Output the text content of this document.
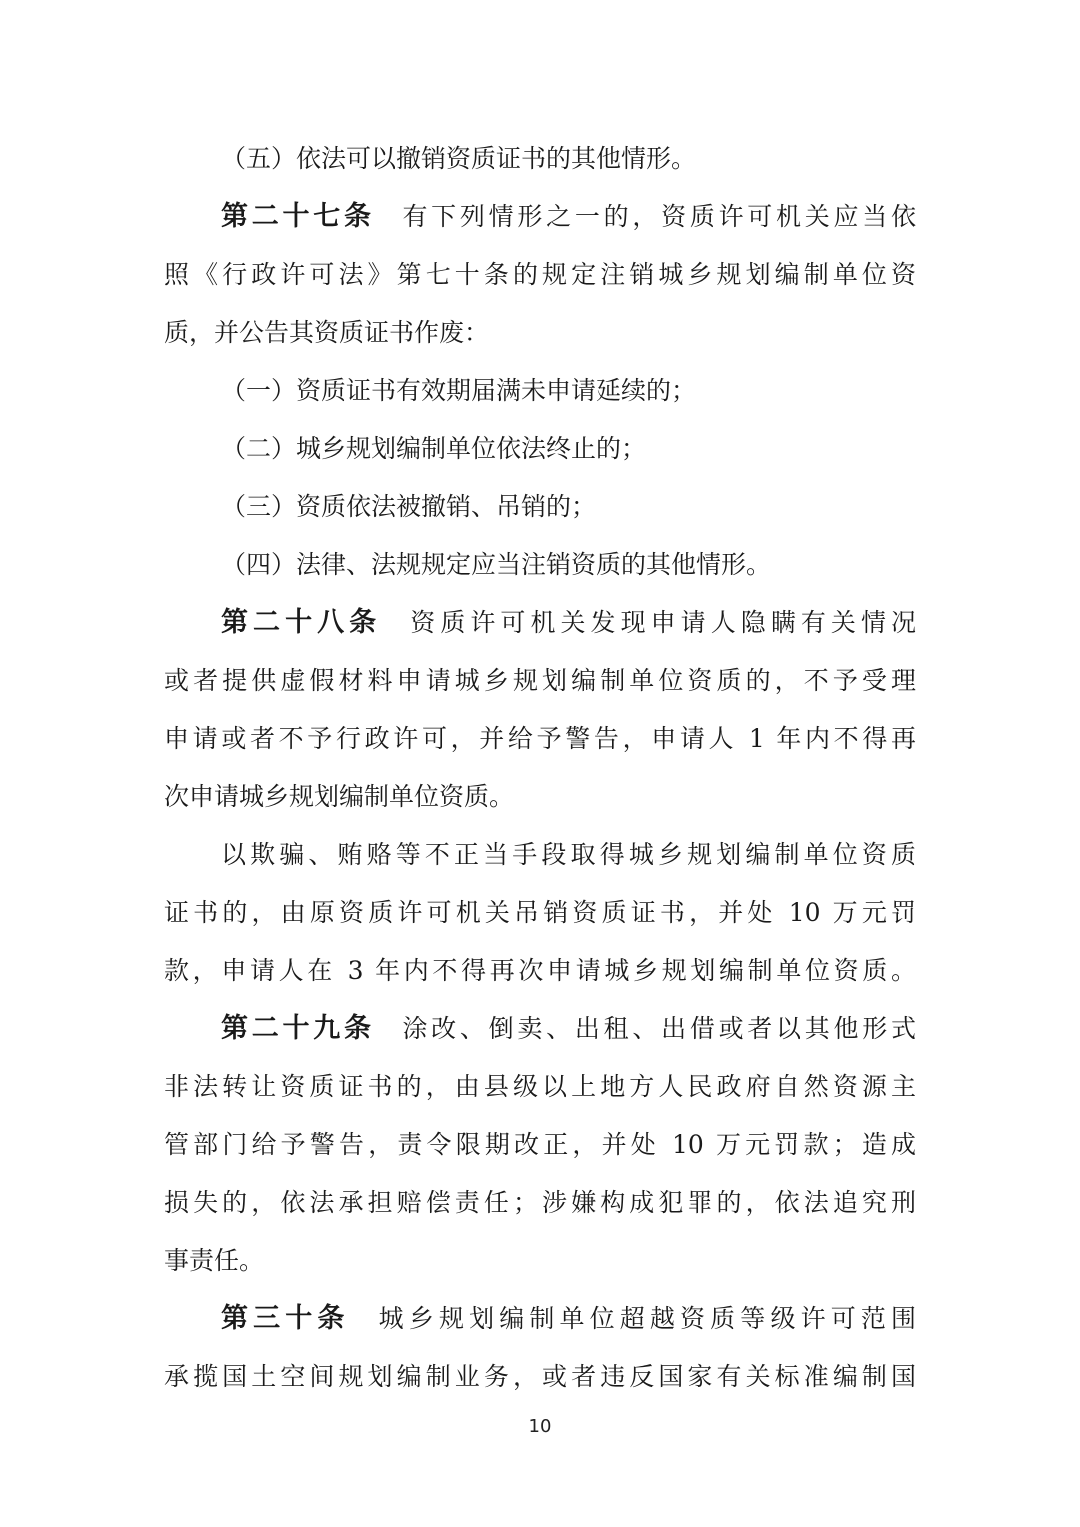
（五）依法可以撤销资质证书的其他情形。
第二十七条 有下列情形之一的，资质许可机关应当依
照《行政许可法》第七十条的规定注销城乡规划编制单位资
质，并公告其资质证书作废：
（一）资质证书有效期届满未申请延续的；
（二）城乡规划编制单位依法终止的；
（三）资质依法被撤销、吊销的；
（四）法律、法规规定应当注销资质的其他情形。
第二十八条 资质许可机关发现申请人隐瞒有关情况
或者提供虚假材料申请城乡规划编制单位资质的，不予受理
申请或者不予行政许可，并给予警告，申请人 1 年内不得再
次申请城乡规划编制单位资质。
以欺骗、贿赂等不正当手段取得城乡规划编制单位资质
证书的，由原资质许可机关吊销资质证书，并处 10 万元罚
款，申请人在 3 年内不得再次申请城乡规划编制单位资质。
第二十九条 涂改、倒卖、出租、出借或者以其他形式
非法转让资质证书的，由县级以上地方人民政府自然资源主
管部门给予警告，责令限期改正，并处 10 万元罚款；造成
损失的，依法承担赔偿责任；涉嫌构成犯罪的，依法追究刑
事责任。
第三十条 城乡规划编制单位超越资质等级许可范围
承揽国土空间规划编制业务，或者违反国家有关标准编制国
10
